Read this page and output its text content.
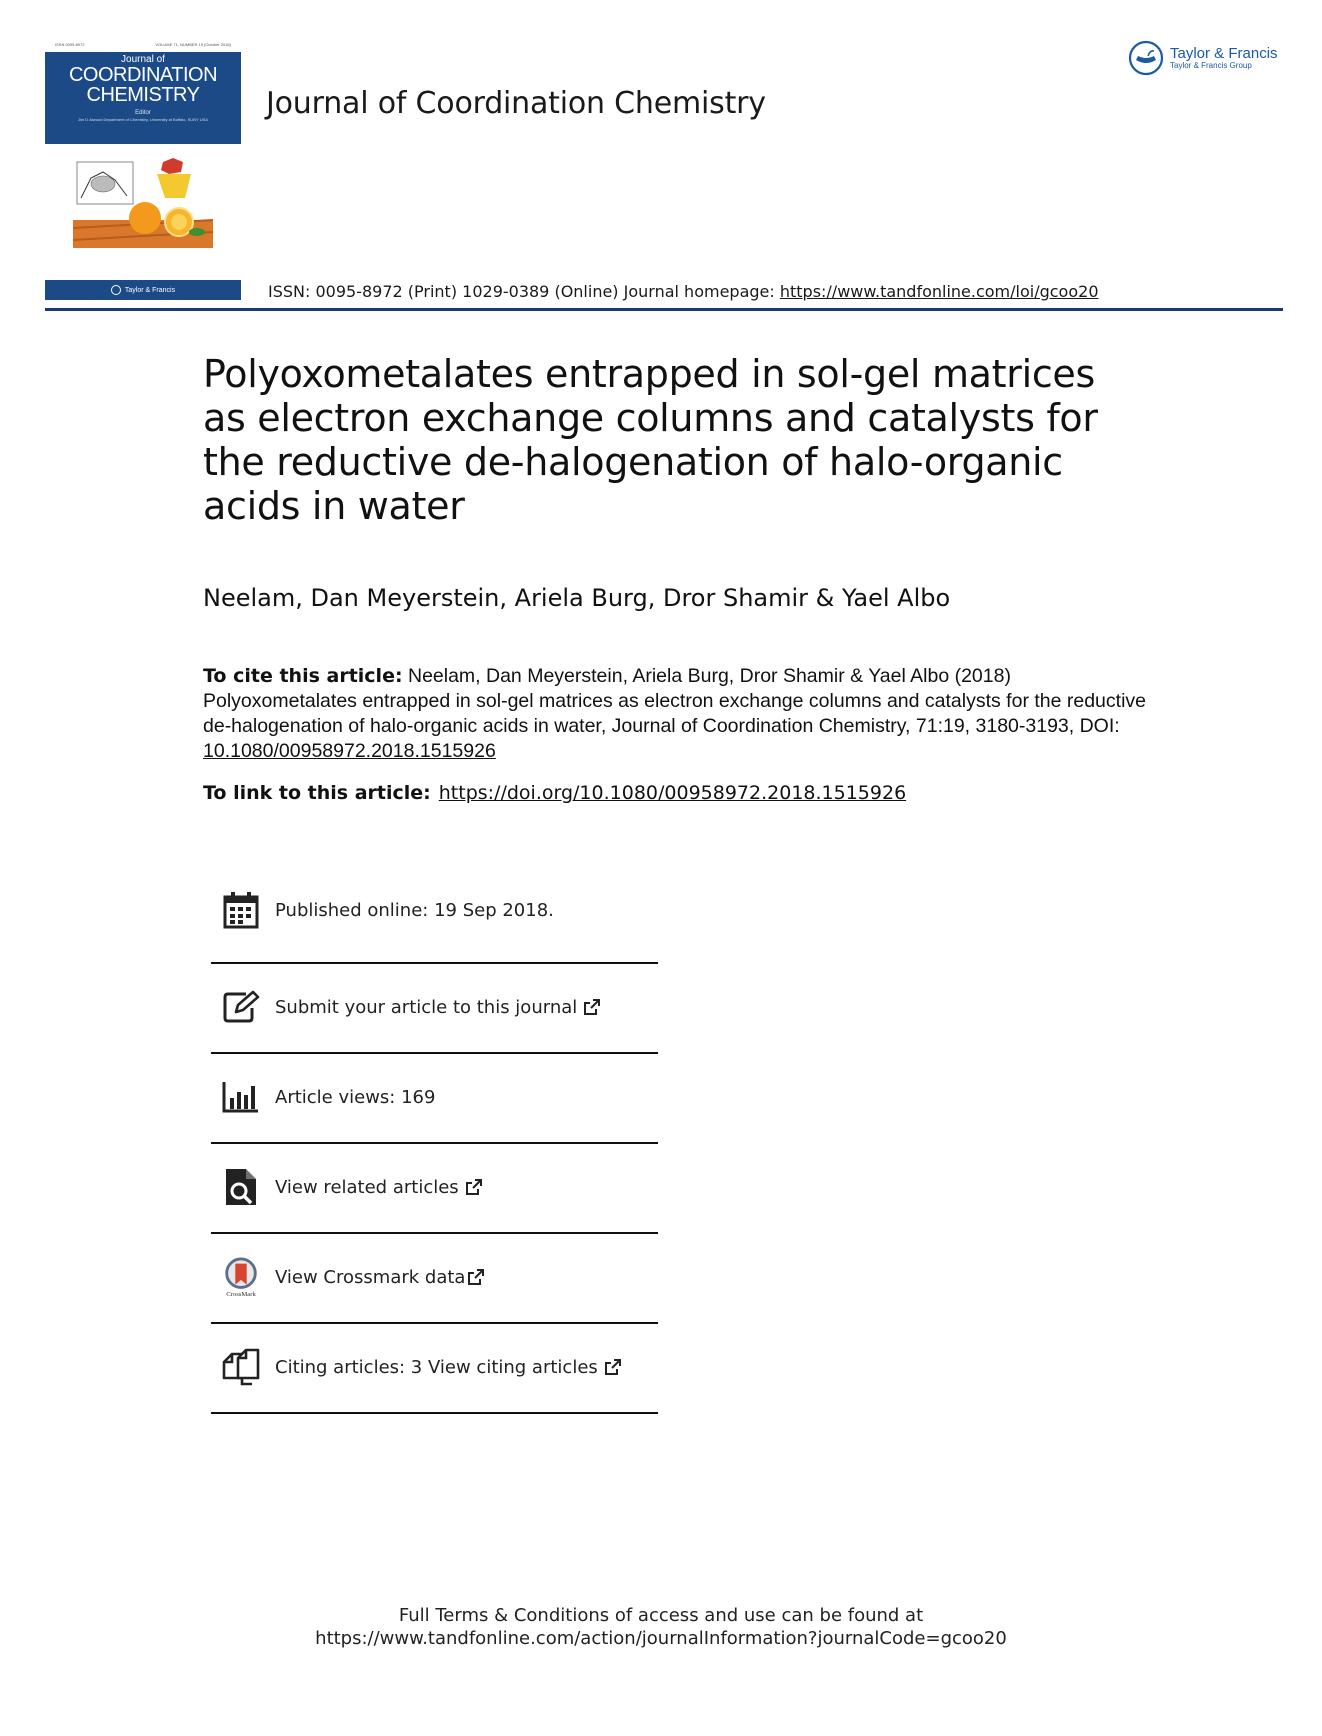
ISSN 0095-8972	VOLUME 71, NUMBER 19 (October 2018)
Journal of
COORDINATION
CHEMISTRY
Editor
Jim D Atwood Department of Chemistry, University at Buffalo, SUNY USA
Taylor & Francis
Journal of Coordination Chemistry
Taylor & Francis
Taylor & Francis Group
ISSN: 0095-8972 (Print) 1029-0389 (Online) Journal homepage: https://www.tandfonline.com/loi/gcoo20
Polyoxometalates entrapped in sol-gel matrices as electron exchange columns and catalysts for the reductive de-halogenation of halo-organic acids in water
Neelam, Dan Meyerstein, Ariela Burg, Dror Shamir & Yael Albo
To cite this article: Neelam, Dan Meyerstein, Ariela Burg, Dror Shamir & Yael Albo (2018) Polyoxometalates entrapped in sol-gel matrices as electron exchange columns and catalysts for the reductive de-halogenation of halo-organic acids in water, Journal of Coordination Chemistry, 71:19, 3180-3193, DOI: 10.1080/00958972.2018.1515926
To link to this article: https://doi.org/10.1080/00958972.2018.1515926
Published online: 19 Sep 2018.
Submit your article to this journal
Article views: 169
View related articles
CrossMark
View Crossmark data
Citing articles: 3 View citing articles
Full Terms & Conditions of access and use can be found at
https://www.tandfonline.com/action/journalInformation?journalCode=gcoo20
